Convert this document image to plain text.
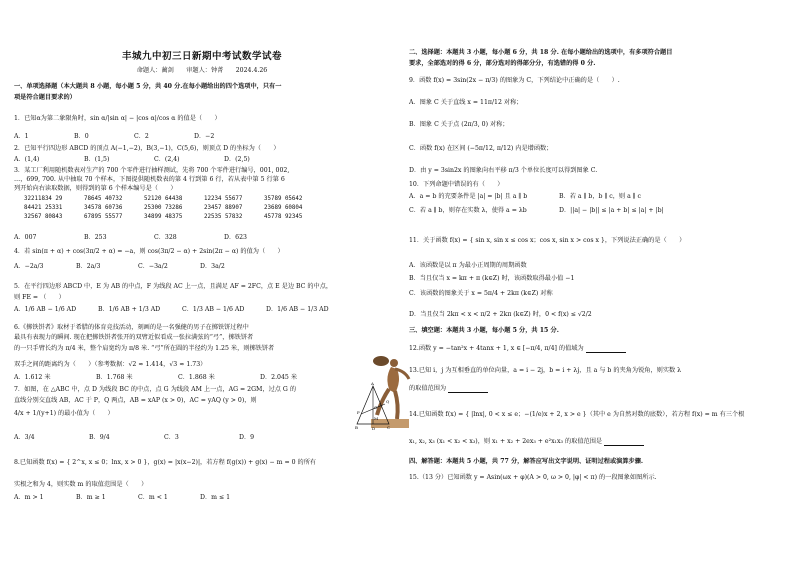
丰城九中初三日新期中考试数学试卷
命题人：蔺剑　　审题人：钟菁　　2024.4.26
一、单项选择题（本大题共 8 小题，每小题 5 分，共 40 分.在每小题给出的四个选项中，只有一
项是符合题目要求的）
1．已知α为第二象限角时，sin α/|sin α| − |cos α|/cos α 的值是（　　）
A．1	B．0	C．2	D．−2
2．已知平行四边形 ABCD 的顶点 A(−1,−2)，B(3,−1)，C(5,6)，则顶点 D 的坐标为（　　）
A．(1,4)	B．(1,5)	C．(2,4)	D．(2,5)
3．某工厂利用随机数表对生产的 700 个零件进行抽样测试，先将 700 个零件进行编号，001, 002,
…，699, 700. 从中抽取 70 个样本，下图提供随机数表的第 4 行到第 6 行，若从表中第 5 行第 6
列开始向右读取数据，则得到的第 6 个样本编号是（　　）
32211834 29	78645 40732	52120 64438	12234 55677	35789 05642
84421 25331	34578 60736	25300 73286	23457 88907	23689 60804
32567 80843	67895 55577	34899 48375	22535 57832	45778 92345
A．007	B．253	C．328	D．623
4．若 sin(π + α) + cos(3π/2 + α) = −a，则 cos(3π/2 − α) + 2sin(2π − α) 的值为（　　）
A．−2a/3	B．2a/3	C．−3a/2	D．3a/2
5．在平行四边形 ABCD 中，E 为 AB 的中点，F 为线段 AC 上一点，且满足 AF = 2FC，点 E 是边 BC 的中点，
则 FE = （　　）
A．1/6 AB − 1/6 AD	B．1/6 AB + 1/3 AD	C．1/3 AB − 1/6 AD	D．1/6 AB − 1/3 AD
6.《掷铁饼者》取材于希腊的体育竞技活动，刻画的是一名强健的男子在掷铁饼过程中
最具有表现力的瞬间. 现在把掷铁饼者张开的双臂近似看成一张拉满弦的“弓”，掷铁饼者
的一只手臂长约为 π/4 米，整个肩宽约为 π/8 米. “弓”所在圆的半径约为 1.25 米，则掷铁饼者
双手之间的距离约为（　　）（参考数据：√2 ≈ 1.414，√3 ≈ 1.73）
A．1.612 米	B．1.768 米	C．1.868 米	D．2.045 米
7．如图，在 △ABC 中，点 D 为线段 BC 的中点，点 G 为线段 AM 上一点，AG = 2GM，过点 G 的
直线分别交直线 AB，AC 于 P，Q 两点，AB = xAP (x > 0)，AC = yAQ (y > 0)，则
4/x + 1/(y+1) 的最小值为（　　）
A．3/4	B．9/4	C．3	D．9
8.已知函数 f(x) = { 2^x, x ≤ 0；lnx, x > 0 }，g(x) = |x(x−2)|，若方程 f(g(x)) + g(x) − m = 0 的所有
实根之和为 4，则实数 m 的取值范围是（　　）
A．m > 1	B．m ≥ 1	C．m < 1	D．m ≤ 1
A
B	C
D
P
Q
G
M
二、选择题：本题共 3 小题，每小题 6 分，共 18 分. 在每小题给出的选项中，有多项符合题目
要求，全部选对的得 6 分，部分选对的得部分分，有选错的得 0 分.
9．函数 f(x) = 3sin(2x − π/3) 的图象为 C，下列结论中正确的是（　　）.
A．图象 C 关于直线 x = 11π/12 对称；
B．图象 C 关于点 (2π/3, 0) 对称；
C．函数 f(x) 在区间 (−5π/12, π/12) 内是增函数；
D．由 y = 3sin2x 的图象向右平移 π/3 个单位长度可以得到图象 C.
10．下列命题中错误的有（　　）
A．a = b 的充要条件是 |a| = |b| 且 a ∥ b	B．若 a ∥ b，b ∥ c，则 a ∥ c
C．若 a ∥ b，则存在实数 λ，使得 a = λb	D．||a| − |b|| ≤ |a + b| ≤ |a| + |b|
11．关于函数 f(x) = { sin x, sin x ≤ cos x；cos x, sin x > cos x }，下列说法正确的是（　　）
A．该函数是以 π 为最小正周期的周期函数
B．当且仅当 x = kπ + π (k∈Z) 时，该函数取得最小值 −1
C．该函数的图象关于 x = 5π/4 + 2kπ (k∈Z) 对称
D．当且仅当 2kπ < x < π/2 + 2kπ (k∈Z) 时，0 < f(x) ≤ √2/2
三、填空题：本题共 3 小题，每小题 5 分，共 15 分.
12.函数 y = −tan²x + 4tanx + 1, x ∈ [−π/4, π/4] 的值域为
13.已知 i，j 为互相垂直的单位向量，a = i − 2j，b = i + λj，且 a 与 b 的夹角为锐角，则实数 λ
的取值范围为
14.已知函数 f(x) = { |lnx|, 0 < x ≤ e；−(1/e)x + 2, x > e }（其中 e 为自然对数的底数），若方程 f(x) = m 有三个根
x₁, x₂, x₃ (x₁ < x₂ < x₃)，则 x₁ + x₂ + 2ex₃ + e²x₁x₃ 的取值范围是
四、解答题：本题共 5 小题，共 77 分，解答应写出文字说明、证明过程或演算步骤.
15.（13 分）已知函数 y = Asin(ωx + φ)(A > 0, ω > 0, |φ| < π) 的一段图象如图所示.
